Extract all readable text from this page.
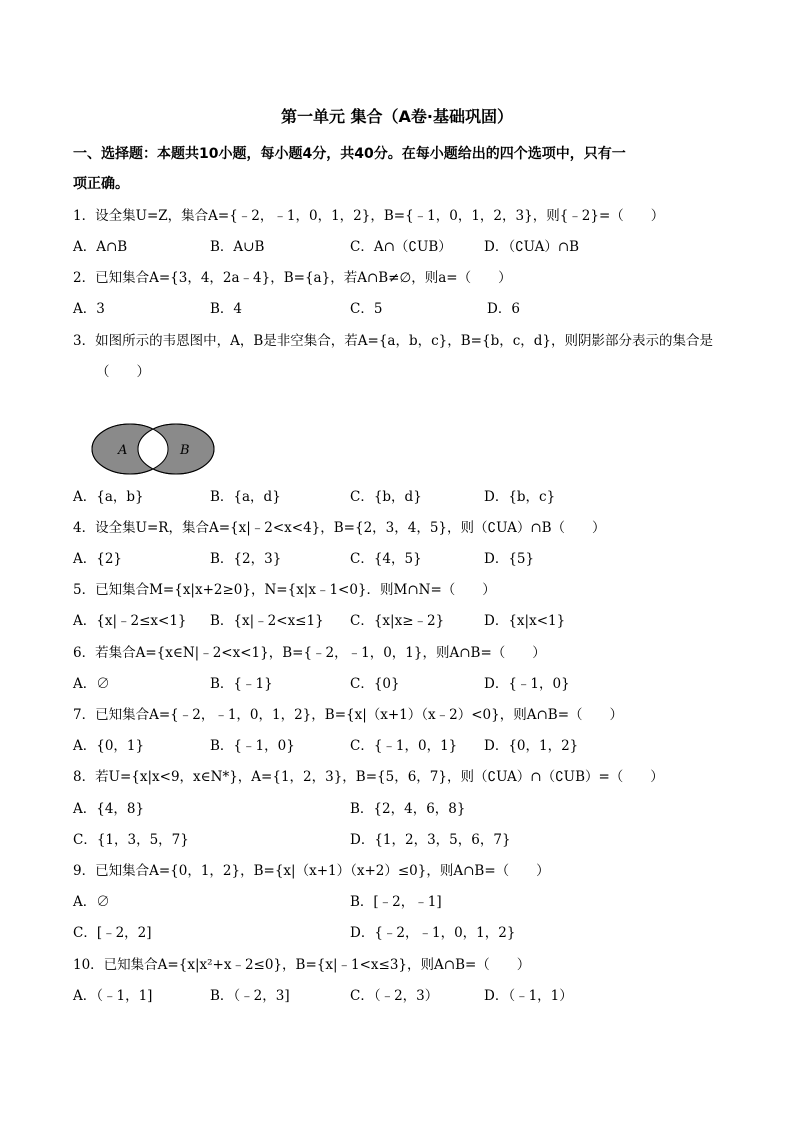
第一单元 集合（A卷·基础巩固）
一、选择题：本题共10小题，每小题4分，共40分。在每小题给出的四个选项中，只有一
项正确。
1．设全集U=Z，集合A={﹣2，﹣1，0，1，2}，B={﹣1，0，1，2，3}，则{﹣2}=（　　）
A．A∩B	B．A∪B	C．A∩（∁UB） D．（∁UA）∩B
2．已知集合A={3，4，2a﹣4}，B={a}，若A∩B≠∅，则a=（　　）
A．3	B．4	C．5	D．6
3．如图所示的韦恩图中，A，B是非空集合，若A={a，b，c}，B={b，c，d}，则阴影部分表示的集合是
（　　）
A	B
A．{a，b}	B．{a，d}	C．{b，d}	D．{b，c}
4．设全集U=R，集合A={x|﹣2<x<4}，B={2，3，4，5}，则（∁UA）∩B（　　）
A．{2}	B．{2，3}	C．{4，5}	D．{5}
5．已知集合M={x|x+2≥0}，N={x|x﹣1<0}．则M∩N=（　　）
A．{x|﹣2≤x<1} B．{x|﹣2<x≤1} C．{x|x≥﹣2}	D．{x|x<1}
6．若集合A={x∈N|﹣2<x<1}，B={﹣2，﹣1，0，1}，则A∩B=（　　）
A．∅	B．{﹣1}	C．{0}	D．{﹣1，0}
7．已知集合A={﹣2，﹣1，0，1，2}，B={x|（x+1）（x﹣2）<0}，则A∩B=（　　）
A．{0，1}	B．{﹣1，0}	C．{﹣1，0，1} D．{0，1，2}
8．若U={x|x<9，x∈N*}，A={1，2，3}，B={5，6，7}，则（∁UA）∩（∁UB）=（　　）
A．{4，8}	B．{2，4，6，8}
C．{1，3，5，7}	D．{1，2，3，5，6，7}
9．已知集合A={0，1，2}，B={x|（x+1）（x+2）≤0}，则A∩B=（　　）
A．∅	B．[﹣2，﹣1]
C．[﹣2，2]	D．{﹣2，﹣1，0，1，2}
10．已知集合A={x|x²+x﹣2≤0}，B={x|﹣1<x≤3}，则A∩B=（　　）
A．（﹣1，1]	B．（﹣2，3]	C．（﹣2，3）	D．（﹣1，1）
